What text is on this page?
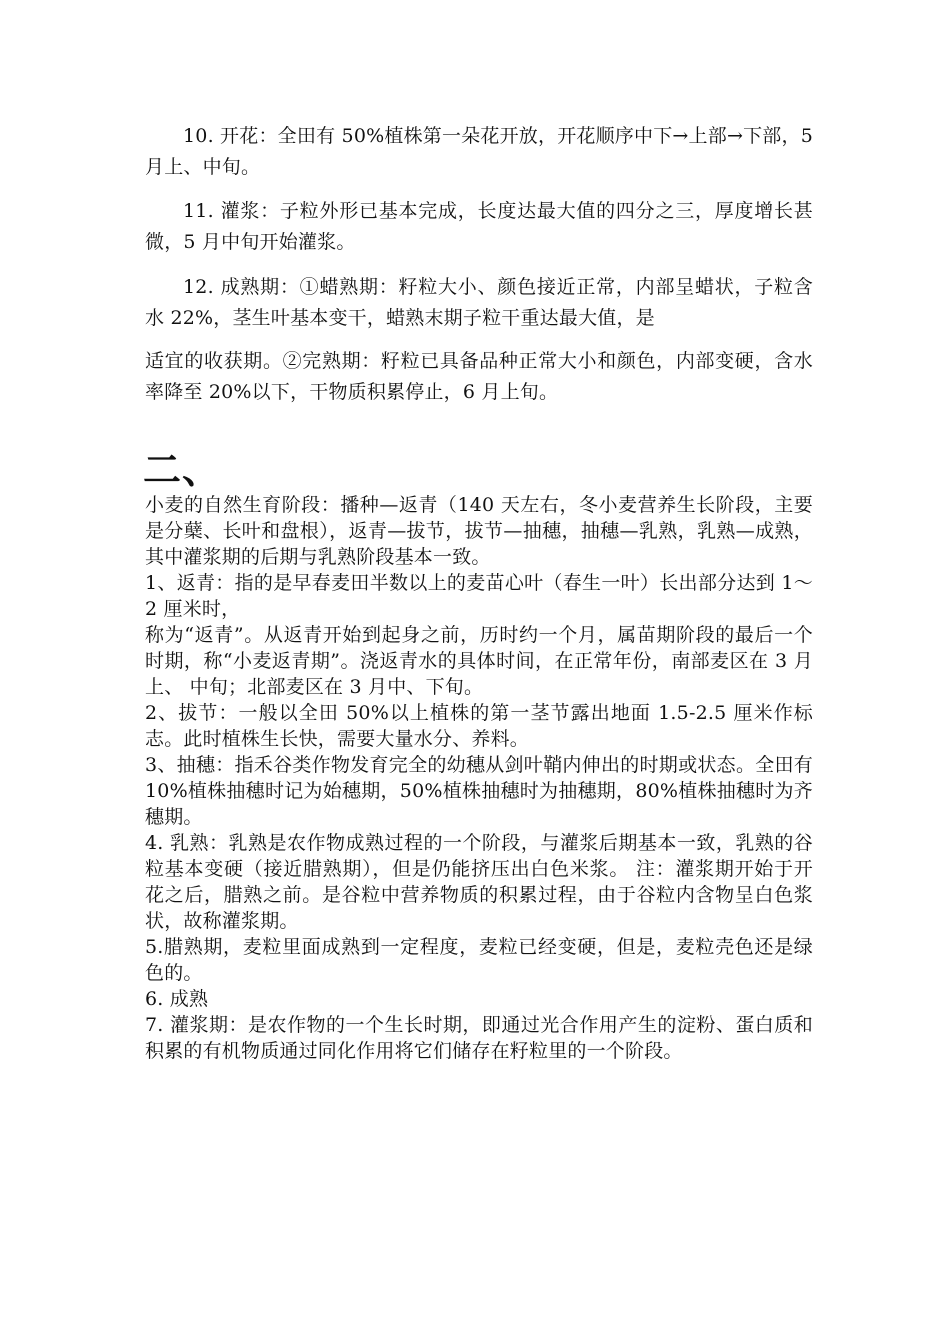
10. 开花：全田有 50%植株第一朵花开放，开花顺序中下→上部→下部，5 月上、中旬。

11. 灌浆：子粒外形已基本完成，长度达最大值的四分之三，厚度增长甚微，5 月中旬开始灌浆。

12. 成熟期：①蜡熟期：籽粒大小、颜色接近正常，内部呈蜡状，子粒含水 22%，茎生叶基本变干，蜡熟末期子粒干重达最大值，是

适宜的收获期。②完熟期：籽粒已具备品种正常大小和颜色，内部变硬，含水率降至 20%以下，干物质积累停止，6 月上旬。

二、

小麦的自然生育阶段：播种—返青（140 天左右，冬小麦营养生长阶段，主要是分蘖、长叶和盘根），返青—拔节，拔节—抽穗，抽穗—乳熟，乳熟—成熟，其中灌浆期的后期与乳熟阶段基本一致。

1、返青：指的是早春麦田半数以上的麦苗心叶（春生一叶）长出部分达到 1～2 厘米时，

称为“返青”。从返青开始到起身之前，历时约一个月，属苗期阶段的最后一个时期，称“小麦返青期”。浇返青水的具体时间，在正常年份，南部麦区在 3 月上、 中旬；北部麦区在 3 月中、下旬。

2、拔节：一般以全田 50%以上植株的第一茎节露出地面 1.5-2.5 厘米作标志。此时植株生长快，需要大量水分、养料。

3、抽穗：指禾谷类作物发育完全的幼穗从剑叶鞘内伸出的时期或状态。全田有 10%植株抽穗时记为始穗期，50%植株抽穗时为抽穗期，80%植株抽穗时为齐穗期。

4. 乳熟：乳熟是农作物成熟过程的一个阶段，与灌浆后期基本一致，乳熟的谷粒基本变硬（接近腊熟期），但是仍能挤压出白色米浆。 注：灌浆期开始于开花之后，腊熟之前。是谷粒中营养物质的积累过程，由于谷粒内含物呈白色浆状，故称灌浆期。

5.腊熟期，麦粒里面成熟到一定程度，麦粒已经变硬，但是，麦粒壳色还是绿色的。

6. 成熟

7. 灌浆期：是农作物的一个生长时期，即通过光合作用产生的淀粉、蛋白质和积累的有机物质通过同化作用将它们储存在籽粒里的一个阶段。
